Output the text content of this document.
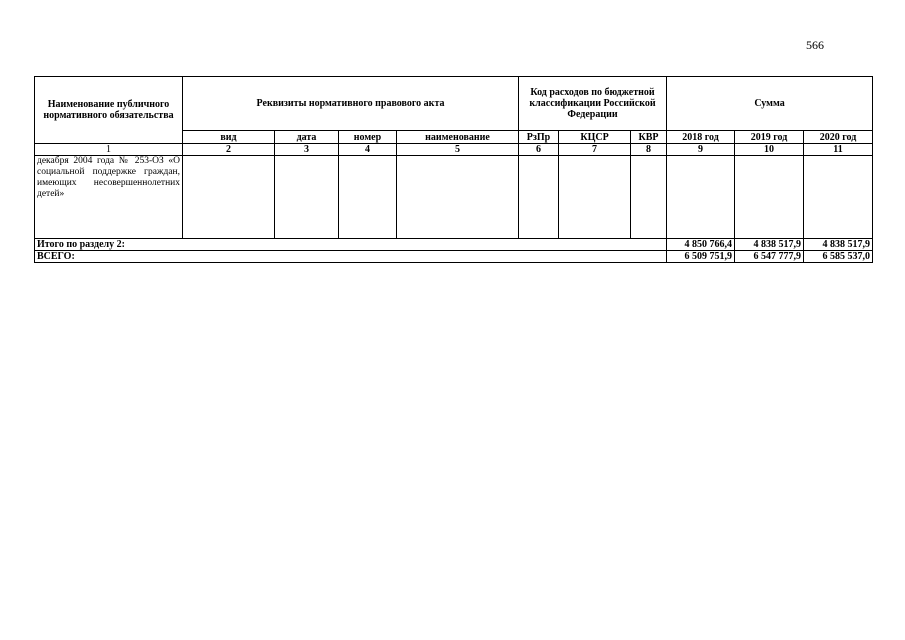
566
Наименование публичного нормативного обязательства	Реквизиты нормативного правового акта				Код расходов по бюджетной классификации Российской Федерации			Сумма		
	вид	дата	номер	наименование	РзПр	КЦСР	КВР	2018 год	2019 год	2020 год
1	2	3	4	5	6	7	8	9	10	11
декабря 2004 года № 253-ОЗ «О социальной поддержке граждан, имеющих несовершеннолетних детей»										
Итого по разделу 2:								4 850 766,4	4 838 517,9	4 838 517,9
ВСЕГО:								6 509 751,9	6 547 777,9	6 585 537,0
